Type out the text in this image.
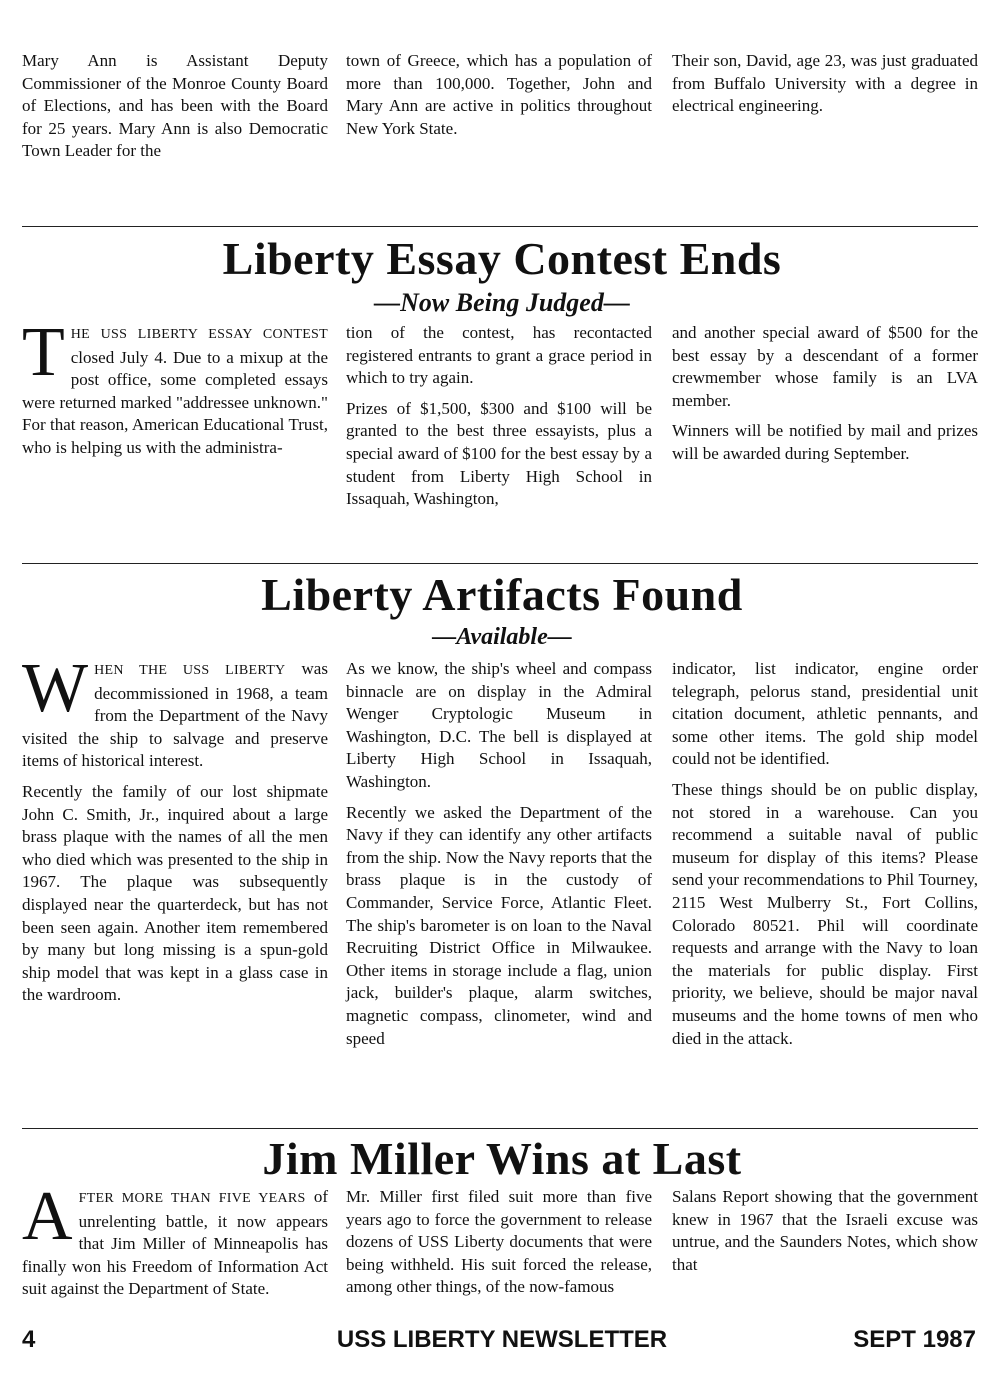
Mary Ann is Assistant Deputy Commissioner of the Monroe County Board of Elections, and has been with the Board for 25 years. Mary Ann is also Democratic Town Leader for the

town of Greece, which has a population of more than 100,000. Together, John and Mary Ann are active in politics throughout New York State.

Their son, David, age 23, was just graduated from Buffalo University with a degree in electrical engineering.

Liberty Essay Contest Ends
—Now Being Judged—

THE USS LIBERTY ESSAY CONTEST closed July 4. Due to a mixup at the post office, some completed essays were returned marked "addressee unknown." For that reason, American Educational Trust, who is helping us with the administra-

tion of the contest, has recontacted registered entrants to grant a grace period in which to try again.

Prizes of $1,500, $300 and $100 will be granted to the best three essayists, plus a special award of $100 for the best essay by a student from Liberty High School in Issaquah, Washington,

and another special award of $500 for the best essay by a descendant of a former crewmember whose family is an LVA member.

Winners will be notified by mail and prizes will be awarded during September.

Liberty Artifacts Found
—Available—

WHEN THE USS LIBERTY was decommissioned in 1968, a team from the Department of the Navy visited the ship to salvage and preserve items of historical interest.

Recently the family of our lost shipmate John C. Smith, Jr., inquired about a large brass plaque with the names of all the men who died which was presented to the ship in 1967. The plaque was subsequently displayed near the quarterdeck, but has not been seen again. Another item remembered by many but long missing is a spun-gold ship model that was kept in a glass case in the wardroom.

As we know, the ship's wheel and compass binnacle are on display in the Admiral Wenger Cryptologic Museum in Washington, D.C. The bell is displayed at Liberty High School in Issaquah, Washington.

Recently we asked the Department of the Navy if they can identify any other artifacts from the ship. Now the Navy reports that the brass plaque is in the custody of Commander, Service Force, Atlantic Fleet. The ship's barometer is on loan to the Naval Recruiting District Office in Milwaukee. Other items in storage include a flag, union jack, builder's plaque, alarm switches, magnetic compass, clinometer, wind and speed

indicator, list indicator, engine order telegraph, pelorus stand, presidential unit citation document, athletic pennants, and some other items. The gold ship model could not be identified.

These things should be on public display, not stored in a warehouse. Can you recommend a suitable naval of public museum for display of this items? Please send your recommendations to Phil Tourney, 2115 West Mulberry St., Fort Collins, Colorado 80521. Phil will coordinate requests and arrange with the Navy to loan the materials for public display. First priority, we believe, should be major naval museums and the home towns of men who died in the attack.

Jim Miller Wins at Last

AFTER MORE THAN FIVE YEARS of unrelenting battle, it now appears that Jim Miller of Minneapolis has finally won his Freedom of Information Act suit against the Department of State.

Mr. Miller first filed suit more than five years ago to force the government to release dozens of USS Liberty documents that were being withheld. His suit forced the release, among other things, of the now-famous

Salans Report showing that the government knew in 1967 that the Israeli excuse was untrue, and the Saunders Notes, which show that

4	USS LIBERTY NEWSLETTER	SEPT 1987
